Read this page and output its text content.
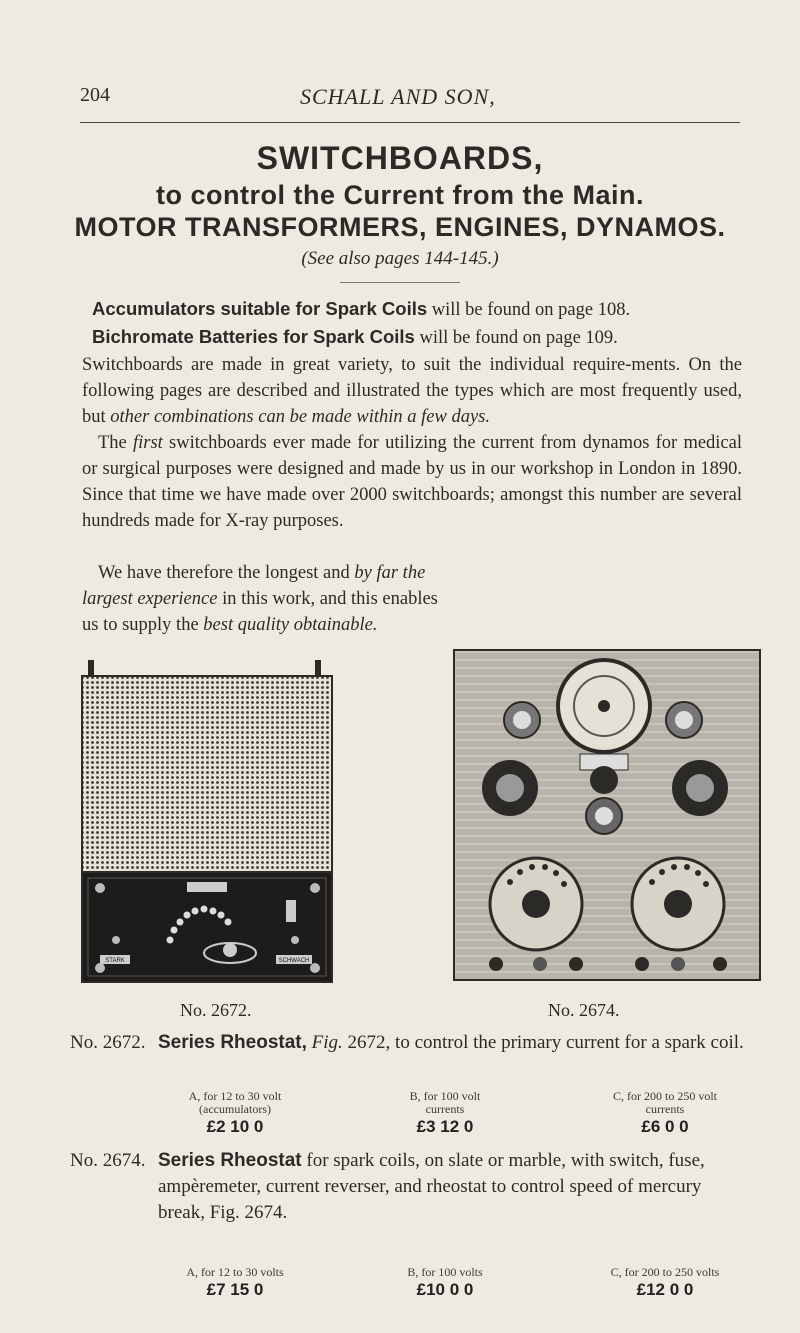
204	SCHALL AND SON,
SWITCHBOARDS,
to control the Current from the Main.
MOTOR TRANSFORMERS, ENGINES, DYNAMOS.
(See also pages 144-145.)
Accumulators suitable for Spark Coils will be found on page 108.
Bichromate Batteries for Spark Coils will be found on page 109.
Switchboards are made in great variety, to suit the individual require-ments. On the following pages are described and illustrated the types which are most frequently used, but other combinations can be made within a few days.
The first switchboards ever made for utilizing the current from dynamos for medical or surgical purposes were designed and made by us in our workshop in London in 1890. Since that time we have made over 2000 switchboards; amongst this number are several hundreds made for X-ray purposes.
We have therefore the longest and by far the largest experience in this work, and this enables us to supply the best quality obtainable.
STARK	SCHWACH
No. 2672.	No. 2674.
No. 2672. Series Rheostat, Fig. 2672, to control the primary current for a spark coil.
A, for 12 to 30 volt
(accumulators)
£2 10 0
B, for 100 volt
currents
£3 12 0
C, for 200 to 250 volt
currents
£6 0 0
No. 2674. Series Rheostat for spark coils, on slate or marble, with switch, fuse, ampèremeter, current reverser, and rheostat to control speed of mercury break, Fig. 2674.
A, for 12 to 30 volts
£7 15 0
B, for 100 volts
£10 0 0
C, for 200 to 250 volts
£12 0 0
